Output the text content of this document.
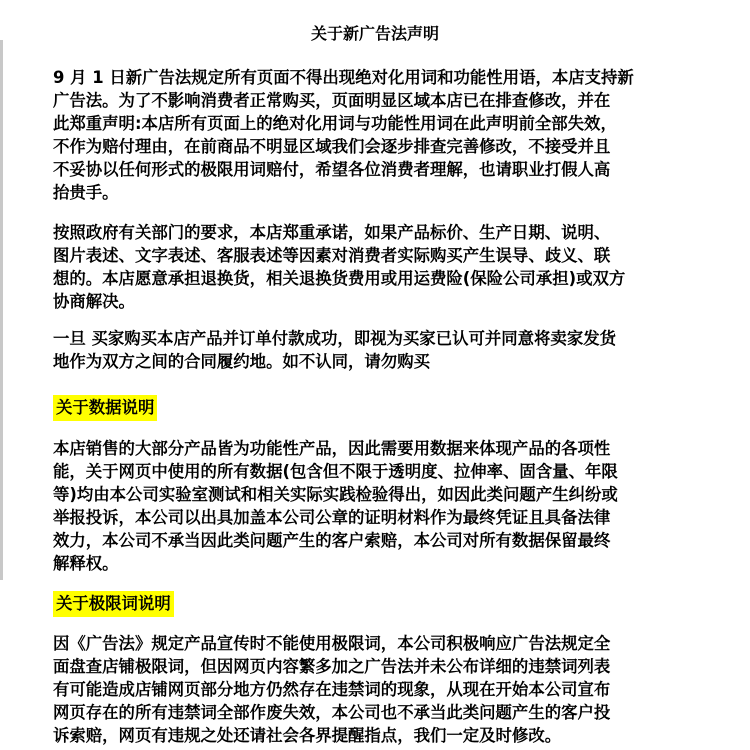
关于新广告法声明
9 月 1 日新广告法规定所有页面不得出现绝对化用词和功能性用语，本店支持新
广告法。为了不影响消费者正常购买，页面明显区域本店已在排查修改，并在
此郑重声明:本店所有页面上的绝对化用词与功能性用词在此声明前全部失效，
不作为赔付理由，在前商品不明显区域我们会逐步排查完善修改，不接受并且
不妥协以任何形式的极限用词赔付，希望各位消费者理解，也请职业打假人高
抬贵手。
按照政府有关部门的要求，本店郑重承诺，如果产品标价、生产日期、说明、
图片表述、文字表述、客服表述等因素对消费者实际购买产生误导、歧义、联
想的。本店愿意承担退换货，相关退换货费用或用运费险(保险公司承担)或双方
协商解决。
一旦 买家购买本店产品并订单付款成功，即视为买家已认可并同意将卖家发货
地作为双方之间的合同履约地。如不认同，请勿购买
关于数据说明
本店销售的大部分产品皆为功能性产品，因此需要用数据来体现产品的各项性
能，关于网页中使用的所有数据(包含但不限于透明度、拉伸率、固含量、年限
等)均由本公司实验室测试和相关实际实践检验得出，如因此类问题产生纠纷或
举报投诉，本公司以出具加盖本公司公章的证明材料作为最终凭证且具备法律
效力，本公司不承当因此类问题产生的客户索赔，本公司对所有数据保留最终
解释权。
关于极限词说明
因《广告法》规定产品宣传时不能使用极限词，本公司积极响应广告法规定全
面盘查店铺极限词，但因网页内容繁多加之广告法并未公布详细的违禁词列表
有可能造成店铺网页部分地方仍然存在违禁词的现象，从现在开始本公司宣布
网页存在的所有违禁词全部作废失效，本公司也不承当此类问题产生的客户投
诉索赔，网页有违规之处还请社会各界提醒指点，我们一定及时修改。
